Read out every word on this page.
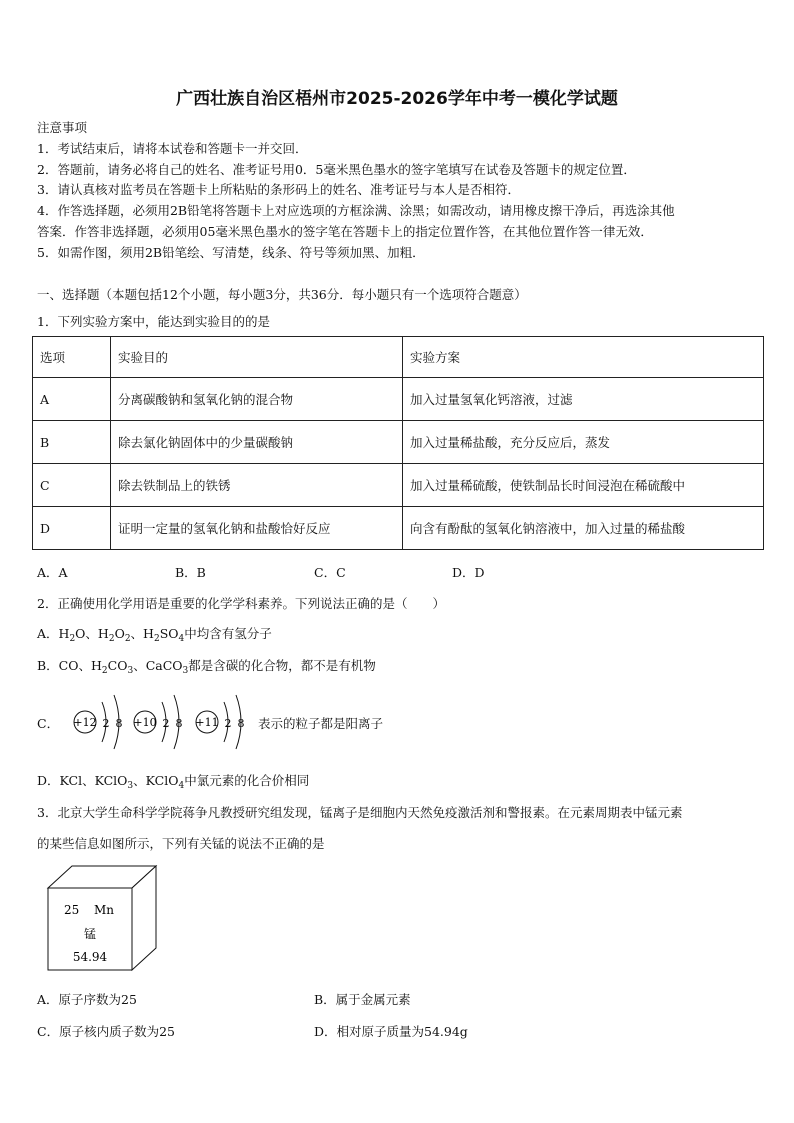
广西壮族自治区梧州市2025-2026学年中考一模化学试题
注意事项
1．考试结束后，请将本试卷和答题卡一并交回．
2．答题前，请务必将自己的姓名、准考证号用0．5毫米黑色墨水的签字笔填写在试卷及答题卡的规定位置．
3．请认真核对监考员在答题卡上所粘贴的条形码上的姓名、准考证号与本人是否相符．
4．作答选择题，必须用2B铅笔将答题卡上对应选项的方框涂满、涂黑；如需改动，请用橡皮擦干净后，再选涂其他
答案．作答非选择题，必须用05毫米黑色墨水的签字笔在答题卡上的指定位置作答，在其他位置作答一律无效．
5．如需作图，须用2B铅笔绘、写清楚，线条、符号等须加黑、加粗．
一、选择题（本题包括12个小题，每小题3分，共36分．每小题只有一个选项符合题意）
1．下列实验方案中，能达到实验目的的是
选项	实验目的	实验方案
A	分离碳酸钠和氢氧化钠的混合物	加入过量氢氧化钙溶液，过滤
B	除去氯化钠固体中的少量碳酸钠	加入过量稀盐酸，充分反应后，蒸发
C	除去铁制品上的铁锈	加入过量稀硫酸，使铁制品长时间浸泡在稀硫酸中
D	证明一定量的氢氧化钠和盐酸恰好反应	向含有酚酞的氢氧化钠溶液中，加入过量的稀盐酸
A．A	B．B	C．C	D．D
2．正确使用化学用语是重要的化学学科素养。下列说法正确的是（　　）
A．$H_2O$、$H_2O_2$、$H_2SO_4$中均含有氢分子
B．CO、$H_2CO_3$、CaCO$_3$都是含碳的化合物，都不是有机物
C． +12 2 8 +10 2 8 +11 2 8 表示的粒子都是阳离子
D．KCl、KClO$_3$、KClO$_4$中氯元素的化合价相同
3．北京大学生命科学学院蒋争凡教授研究组发现，锰离子是细胞内天然免疫激活剂和警报素。在元素周期表中锰元素
的某些信息如图所示，下列有关锰的说法不正确的是
25 Mn
锰
54.94
A．原子序数为25	B．属于金属元素
C．原子核内质子数为25	D．相对原子质量为54.94g
